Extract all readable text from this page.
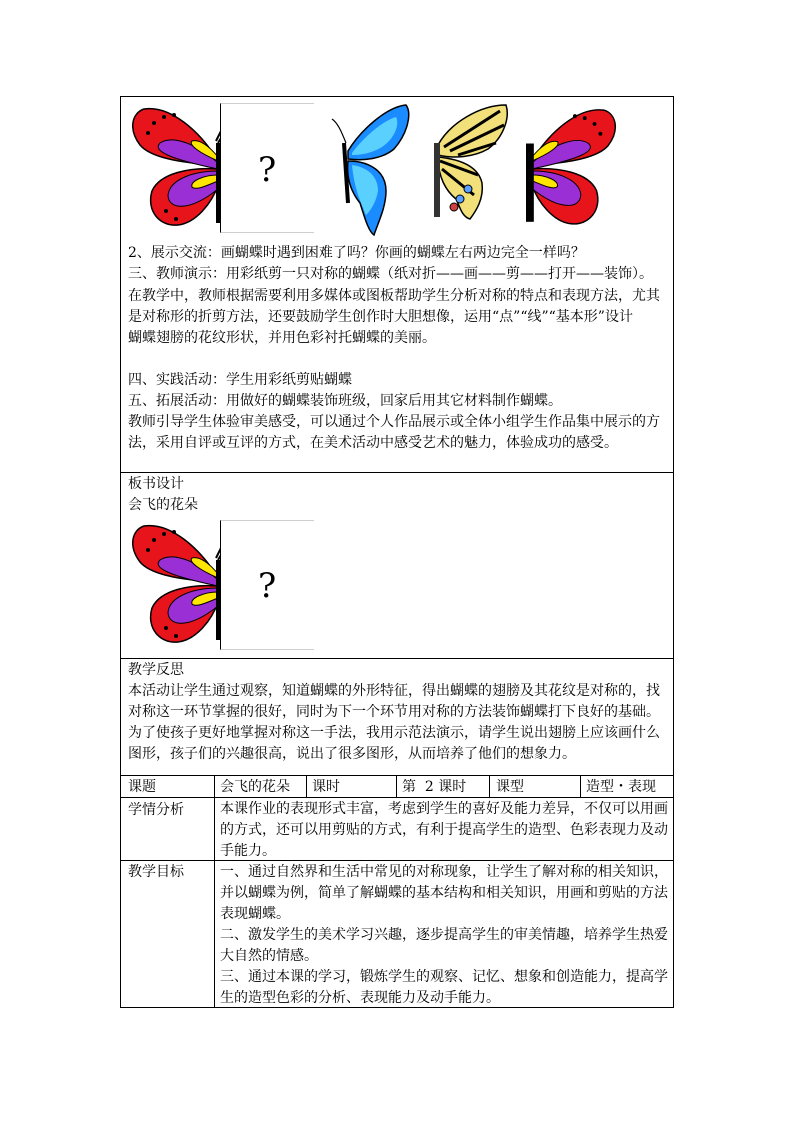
?
2、展示交流：画蝴蝶时遇到困难了吗？你画的蝴蝶左右两边完全一样吗？
三、教师演示：用彩纸剪一只对称的蝴蝶（纸对折——画——剪——打开——装饰）。
在教学中，教师根据需要利用多媒体或图板帮助学生分析对称的特点和表现方法，尤其
是对称形的折剪方法，还要鼓励学生创作时大胆想像，运用“点”“线”“基本形”设计
蝴蝶翅膀的花纹形状，并用色彩衬托蝴蝶的美丽。
四、实践活动：学生用彩纸剪贴蝴蝶
五、拓展活动：用做好的蝴蝶装饰班级，回家后用其它材料制作蝴蝶。
教师引导学生体验审美感受，可以通过个人作品展示或全体小组学生作品集中展示的方
法，采用自评或互评的方式，在美术活动中感受艺术的魅力，体验成功的感受。
板书设计
会飞的花朵
?
教学反思
本活动让学生通过观察，知道蝴蝶的外形特征，得出蝴蝶的翅膀及其花纹是对称的，找
对称这一环节掌握的很好，同时为下一个环节用对称的方法装饰蝴蝶打下良好的基础。
为了使孩子更好地掌握对称这一手法，我用示范法演示，请学生说出翅膀上应该画什么
图形，孩子们的兴趣很高，说出了很多图形，从而培养了他们的想象力。
课题	会飞的花朵 课时	第  2 课时 课型	造型・表现
学情分析	本课作业的表现形式丰富，考虑到学生的喜好及能力差异，不仅可以用画
的方式，还可以用剪贴的方式，有利于提高学生的造型、色彩表现力及动
手能力。
教学目标	一、通过自然界和生活中常见的对称现象，让学生了解对称的相关知识，
并以蝴蝶为例，简单了解蝴蝶的基本结构和相关知识，用画和剪贴的方法
表现蝴蝶。
二、激发学生的美术学习兴趣，逐步提高学生的审美情趣，培养学生热爱
大自然的情感。
三、通过本课的学习，锻炼学生的观察、记忆、想象和创造能力，提高学
生的造型色彩的分析、表现能力及动手能力。
